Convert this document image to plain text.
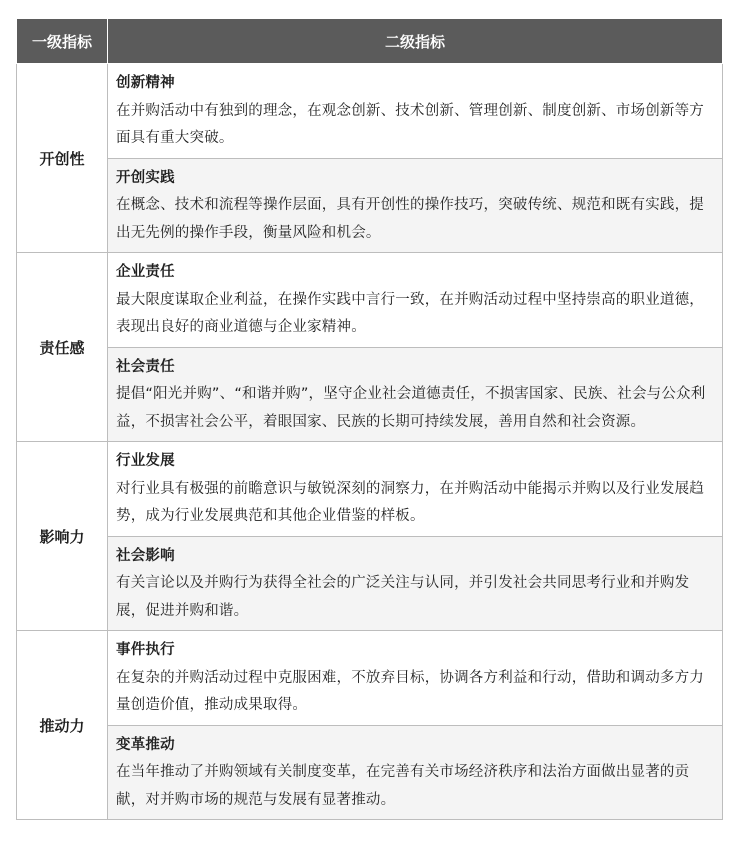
一级指标	二级指标
开创性	创新精神
在并购活动中有独到的理念，在观念创新、技术创新、管理创新、制度创新、市场创新等方面具有重大突破。

	开创实践
在概念、技术和流程等操作层面，具有开创性的操作技巧，突破传统、规范和既有实践，提出无先例的操作手段，衡量风险和机会。

责任感	企业责任
最大限度谋取企业利益，在操作实践中言行一致，在并购活动过程中坚持崇高的职业道德，表现出良好的商业道德与企业家精神。

	社会责任
提倡“阳光并购”、“和谐并购”，坚守企业社会道德责任，不损害国家、民族、社会与公众利益，不损害社会公平，着眼国家、民族的长期可持续发展，善用自然和社会资源。

影响力	行业发展
对行业具有极强的前瞻意识与敏锐深刻的洞察力，在并购活动中能揭示并购以及行业发展趋势，成为行业发展典范和其他企业借鉴的样板。

	社会影响
有关言论以及并购行为获得全社会的广泛关注与认同，并引发社会共同思考行业和并购发展，促进并购和谐。

推动力	事件执行
在复杂的并购活动过程中克服困难，不放弃目标，协调各方利益和行动，借助和调动多方力量创造价值，推动成果取得。

	变革推动
在当年推动了并购领域有关制度变革，在完善有关市场经济秩序和法治方面做出显著的贡献，对并购市场的规范与发展有显著推动。
